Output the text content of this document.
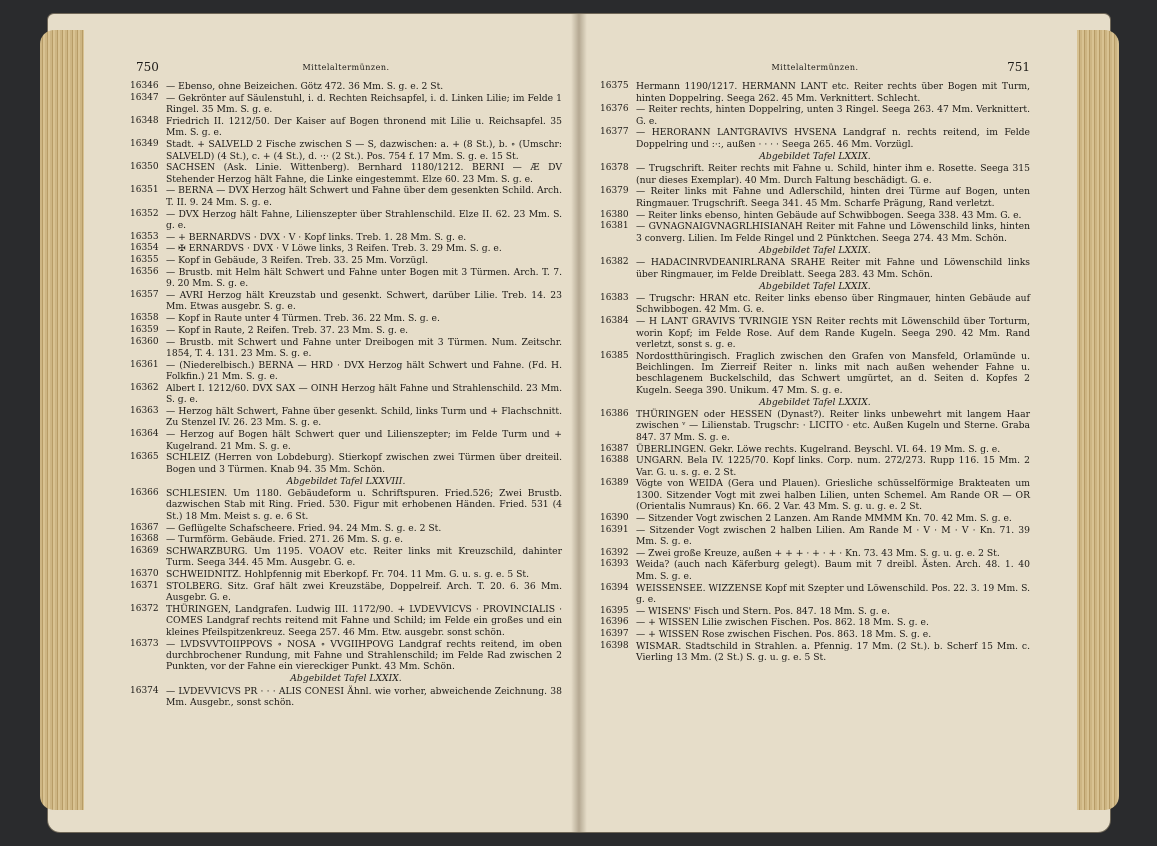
750	Mittelaltermünzen.
16346 — Ebenso, ohne Beizeichen. Götz 472. 36 Mm. S. g. e. 2 St.
16347 — Gekrönter auf Säulenstuhl, i. d. Rechten Reichsapfel, i. d. Linken Lilie; im Felde 1 Ringel. 35 Mm. S. g. e.
16348 Friedrich II. 1212/50. Der Kaiser auf Bogen thronend mit Lilie u. Reichsapfel. 35 Mm. S. g. e.
16349 Stadt. + SALVELD 2 Fische zwischen S — S, dazwischen: a. + (8 St.), b. ∘ (Umschr: SALVELD) (4 St.), c. + (4 St.), d. ·:· (2 St.). Pos. 754 f. 17 Mm. S. g. e. 15 St.
16350 SACHSEN (Ask. Linie. Wittenberg). Bernhard 1180/1212. BERNI — Æ DV Stehender Herzog hält Fahne, die Linke eingestemmt. Elze 60. 23 Mm. S. g. e.
16351 — BERNA — DVX Herzog hält Schwert und Fahne über dem gesenkten Schild. Arch. T. II. 9. 24 Mm. S. g. e.
16352 — DVX Herzog hält Fahne, Lilienszepter über Strahlenschild. Elze II. 62. 23 Mm. S. g. e.
16353 — + BERNARDVS · DVX · V · Kopf links. Treb. 1. 28 Mm. S. g. e.
16354 — ✠ ERNARDVS · DVX · V Löwe links, 3 Reifen. Treb. 3. 29 Mm. S. g. e.
16355 — Kopf in Gebäude, 3 Reifen. Treb. 33. 25 Mm. Vorzügl.
16356 — Brustb. mit Helm hält Schwert und Fahne unter Bogen mit 3 Türmen. Arch. T. 7. 9. 20 Mm. S. g. e.
16357 — AVRI Herzog hält Kreuzstab und gesenkt. Schwert, darüber Lilie. Treb. 14. 23 Mm. Etwas ausgebr. S. g. e.
16358 — Kopf in Raute unter 4 Türmen. Treb. 36. 22 Mm. S. g. e.
16359 — Kopf in Raute, 2 Reifen. Treb. 37. 23 Mm. S. g. e.
16360 — Brustb. mit Schwert und Fahne unter Dreibogen mit 3 Türmen. Num. Zeitschr. 1854, T. 4. 131. 23 Mm. S. g. e.
16361 — (Niederelbisch.) BERNA — HRD · DVX Herzog hält Schwert und Fahne. (Fd. H. Folkfin.) 21 Mm. S. g. e.
16362 Albert I. 1212/60. DVX SAX — OINH Herzog hält Fahne und Strahlenschild. 23 Mm. S. g. e.
16363 — Herzog hält Schwert, Fahne über gesenkt. Schild, links Turm und + Flachschnitt. Zu Stenzel IV. 26. 23 Mm. S. g. e.
16364 — Herzog auf Bogen hält Schwert quer und Lilienszepter; im Felde Turm und + Kugelrand. 21 Mm. S. g. e.
16365 SCHLEIZ (Herren von Lobdeburg). Stierkopf zwischen zwei Türmen über dreiteil. Bogen und 3 Türmen. Knab 94. 35 Mm. Schön.
Abgebildet Tafel LXXVIII.
16366 SCHLESIEN. Um 1180. Gebäudeform u. Schriftspuren. Fried.526; Zwei Brustb. dazwischen Stab mit Ring. Fried. 530. Figur mit erhobenen Händen. Fried. 531 (4 St.) 18 Mm. Meist s. g. e. 6 St.
16367 — Geflügelte Schafscheere. Fried. 94. 24 Mm. S. g. e. 2 St.
16368 — Turmförm. Gebäude. Fried. 271. 26 Mm. S. g. e.
16369 SCHWARZBURG. Um 1195. VOAOV etc. Reiter links mit Kreuzschild, dahinter Turm. Seega 344. 45 Mm. Ausgebr. G. e.
16370 SCHWEIDNITZ. Hohlpfennig mit Eberkopf. Fr. 704. 11 Mm. G. u. s. g. e. 5 St.
16371 STOLBERG. Sitz. Graf hält zwei Kreuzstäbe, Doppelreif. Arch. T. 20. 6. 36 Mm. Ausgebr. G. e.
16372 THÜRINGEN, Landgrafen. Ludwig III. 1172/90. + LVDEVVICVS · PROVINCIALIS · COMES Landgraf rechts reitend mit Fahne und Schild; im Felde ein großes und ein kleines Pfeilspitzenkreuz. Seega 257. 46 Mm. Etw. ausgebr. sonst schön.
16373 — LVDSVVTOIIPPOVS ∘ NOSA ∘ VVGIIHPOVG Landgraf rechts reitend, im oben durchbrochener Rundung, mit Fahne und Strahlenschild; im Felde Rad zwischen 2 Punkten, vor der Fahne ein viereckiger Punkt. 43 Mm. Schön.
Abgebildet Tafel LXXIX.
16374 — LVDEVVICVS PR · · · ALIS CONESI Ähnl. wie vorher, abweichende Zeichnung. 38 Mm. Ausgebr., sonst schön.
751
Mittelaltermünzen.
16375 Hermann 1190/1217. HERMANN LANT etc. Reiter rechts über Bogen mit Turm, hinten Doppelring. Seega 262. 45 Mm. Verknittert. Schlecht.
16376 — Reiter rechts, hinten Doppelring, unten 3 Ringel. Seega 263. 47 Mm. Verknittert. G. e.
16377 — HERORANN LANTGRAVIVS HVSENA Landgraf n. rechts reitend, im Felde Doppelring und :·:, außen · · · · Seega 265. 46 Mm. Vorzügl.
Abgebildet Tafel LXXIX.
16378 — Trugschrift. Reiter rechts mit Fahne u. Schild, hinter ihm e. Rosette. Seega 315 (nur dieses Exemplar). 40 Mm. Durch Faltung beschädigt. G. e.
16379 — Reiter links mit Fahne und Adlerschild, hinten drei Türme auf Bogen, unten Ringmauer. Trugschrift. Seega 341. 45 Mm. Scharfe Prägung, Rand verletzt.
16380 — Reiter links ebenso, hinten Gebäude auf Schwibbogen. Seega 338. 43 Mm. G. e.
16381 — GVNAGNAIGVNAGRLHISIANAH Reiter mit Fahne und Löwenschild links, hinten 3 converg. Lilien. Im Felde Ringel und 2 Pünktchen. Seega 274. 43 Mm. Schön.
Abgebildet Tafel LXXIX.
16382 — HADACINRVDEANIRLRANA SRAHE Reiter mit Fahne und Löwenschild links über Ringmauer, im Felde Dreiblatt. Seega 283. 43 Mm. Schön.
Abgebildet Tafel LXXIX.
16383 — Trugschr: HRAN etc. Reiter links ebenso über Ringmauer, hinten Gebäude auf Schwibbogen. 42 Mm. G. e.
16384 — H LANT GRAVIVS TVRINGIE YSN Reiter rechts mit Löwenschild über Torturm, worin Kopf; im Felde Rose. Auf dem Rande Kugeln. Seega 290. 42 Mm. Rand verletzt, sonst s. g. e.
16385 Nordostthüringisch. Fraglich zwischen den Grafen von Mansfeld, Orlamünde u. Beichlingen. Im Zierreif Reiter n. links mit nach außen wehender Fahne u. beschlagenem Buckelschild, das Schwert umgürtet, an d. Seiten d. Kopfes 2 Kugeln. Seega 390. Unikum. 47 Mm. S. g. e.
Abgebildet Tafel LXXIX.
16386 THÜRINGEN oder HESSEN (Dynast?). Reiter links unbewehrt mit langem Haar zwischen ᵛ — Lilienstab. Trugschr: · LICITO · etc. Außen Kugeln und Sterne. Graba 847. 37 Mm. S. g. e.
16387 ÜBERLINGEN. Gekr. Löwe rechts. Kugelrand. Beyschl. VI. 64. 19 Mm. S. g. e.
16388 UNGARN. Bela IV. 1225/70. Kopf links. Corp. num. 272/273. Rupp 116. 15 Mm. 2 Var. G. u. s. g. e. 2 St.
16389 Vögte von WEIDA (Gera und Plauen). Griesliche schüsselförmige Brakteaten um 1300. Sitzender Vogt mit zwei halben Lilien, unten Schemel. Am Rande OR — OR (Orientalis Numraus) Kn. 66. 2 Var. 43 Mm. S. g. u. g. e. 2 St.
16390 — Sitzender Vogt zwischen 2 Lanzen. Am Rande MMMM Kn. 70. 42 Mm. S. g. e.
16391 — Sitzender Vogt zwischen 2 halben Lilien. Am Rande M · V · M · V · Kn. 71. 39 Mm. S. g. e.
16392 — Zwei große Kreuze, außen + + + · + · + · Kn. 73. 43 Mm. S. g. u. g. e. 2 St.
16393 Weida? (auch nach Käferburg gelegt). Baum mit 7 dreibl. Ästen. Arch. 48. 1. 40 Mm. S. g. e.
16394 WEISSENSEE. WIZZENSE Kopf mit Szepter und Löwenschild. Pos. 22. 3. 19 Mm. S. g. e.
16395 — WISENS' Fisch und Stern. Pos. 847. 18 Mm. S. g. e.
16396 — + WISSEN Lilie zwischen Fischen. Pos. 862. 18 Mm. S. g. e.
16397 — + WISSEN Rose zwischen Fischen. Pos. 863. 18 Mm. S. g. e.
16398 WISMAR. Stadtschild in Strahlen. a. Pfennig. 17 Mm. (2 St.). b. Scherf 15 Mm. c. Vierling 13 Mm. (2 St.) S. g. u. g. e. 5 St.
